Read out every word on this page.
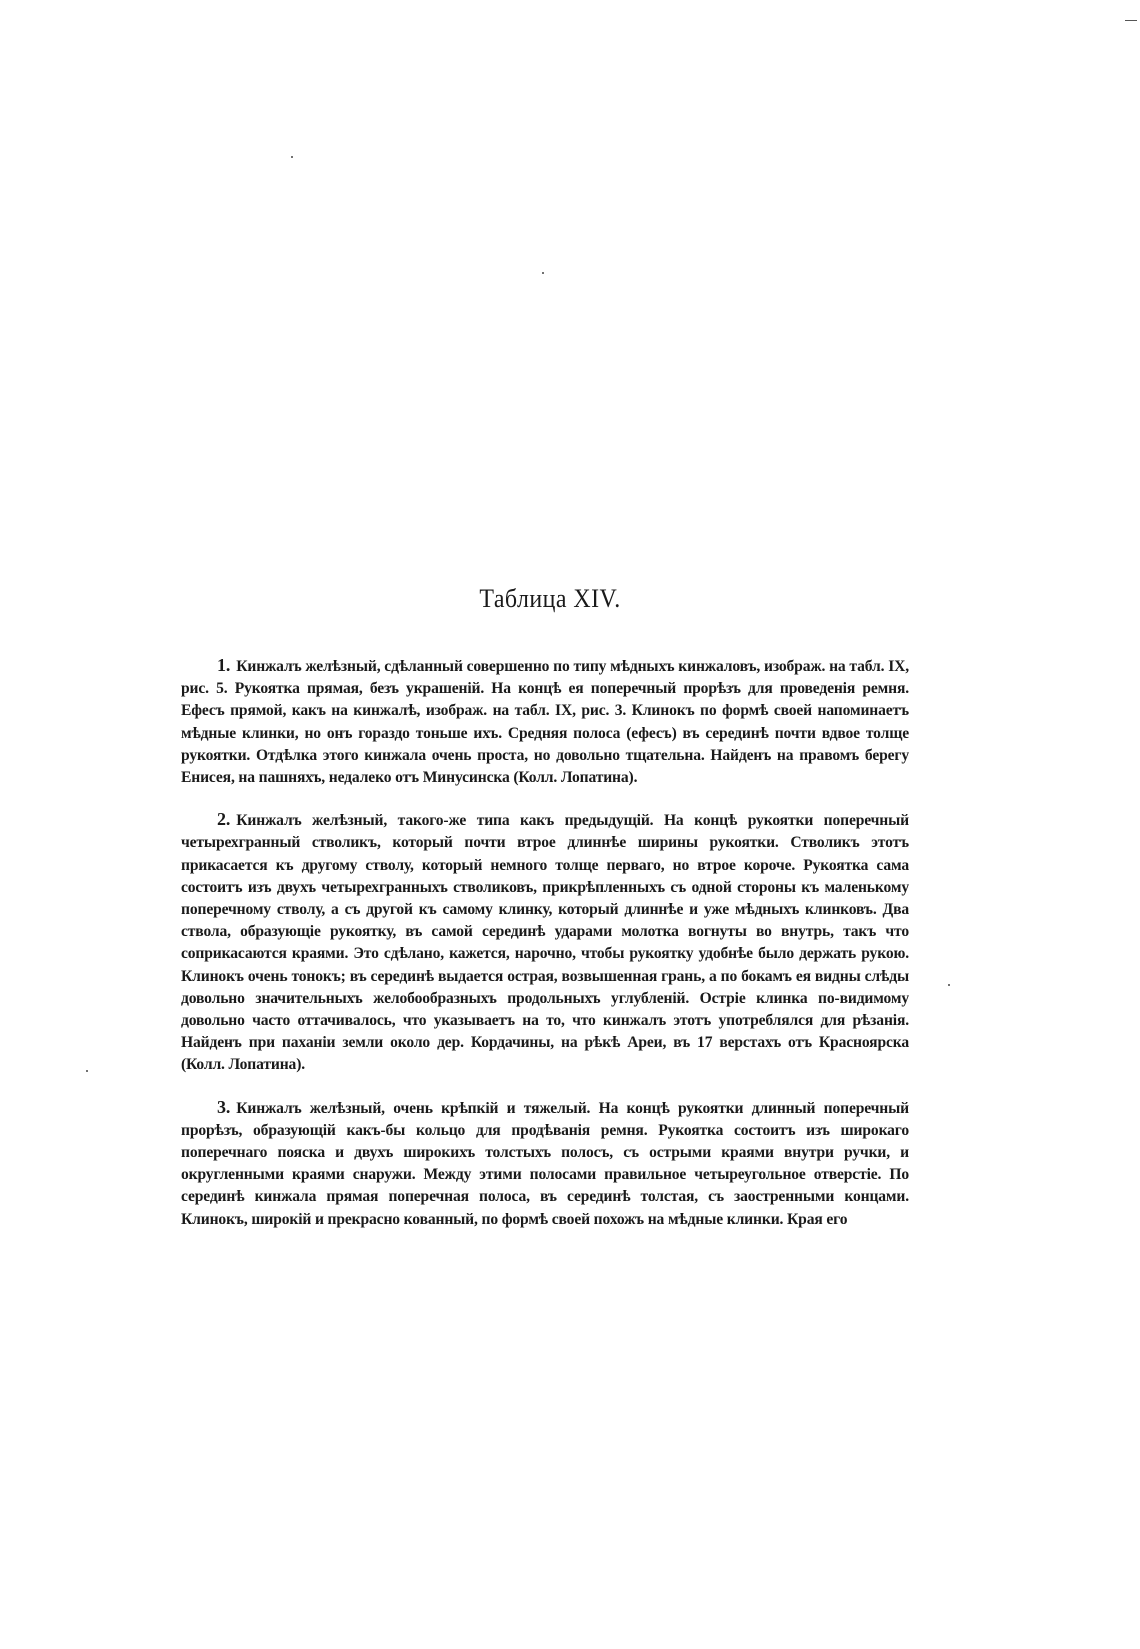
Таблица XIV.

1. Кинжалъ желѣзный, сдѣланный совершенно по типу мѣдныхъ кинжаловъ, изображ. на табл. IX, рис. 5. Рукоятка прямая, безъ украшеній. На концѣ ея поперечный прорѣзъ для проведенія ремня. Ефесъ прямой, какъ на кинжалѣ, изображ. на табл. IX, рис. 3. Клинокъ по формѣ своей напоминаетъ мѣдные клинки, но онъ гораздо тоньше ихъ. Средняя полоса (ефесъ) въ серединѣ почти вдвое толще рукоятки. Отдѣлка этого кинжала очень проста, но довольно тщательна. Найденъ на правомъ берегу Енисея, на пашняхъ, недалеко отъ Минусинска (Колл. Лопатина).

2. Кинжалъ желѣзный, такого-же типа какъ предыдущій. На концѣ рукоятки поперечный четырехгранный стволикъ, который почти втрое длиннѣе ширины рукоятки. Стволикъ этотъ прикасается къ другому стволу, который немного толще перваго, но втрое короче. Рукоятка сама состоитъ изъ двухъ четырехгранныхъ стволиковъ, прикрѣпленныхъ съ одной стороны къ маленькому поперечному стволу, а съ другой къ самому клинку, который длиннѣе и уже мѣдныхъ клинковъ. Два ствола, образующіе рукоятку, въ самой серединѣ ударами молотка вогнуты во внутрь, такъ что соприкасаются краями. Это сдѣлано, кажется, нарочно, чтобы рукоятку удобнѣе было держать рукою. Клинокъ очень тонокъ; въ серединѣ выдается острая, возвышенная грань, а по бокамъ ея видны слѣды довольно значительныхъ желобообразныхъ продольныхъ углубленій. Остріе клинка по-видимому довольно часто оттачивалось, что указываетъ на то, что кинжалъ этотъ употреблялся для рѣзанія. Найденъ при паханіи земли около дер. Кордачины, на рѣкѣ Ареи, въ 17 верстахъ отъ Красноярска (Колл. Лопатина).

3. Кинжалъ желѣзный, очень крѣпкій и тяжелый. На концѣ рукоятки длинный поперечный прорѣзъ, образующій какъ-бы кольцо для продѣванія ремня. Рукоятка состоитъ изъ широкаго поперечнаго пояска и двухъ широкихъ толстыхъ полосъ, съ острыми краями внутри ручки, и округленными краями снаружи. Между этими полосами правильное четыреугольное отверстіе. По серединѣ кинжала прямая поперечная полоса, въ серединѣ толстая, съ заостренными концами. Клинокъ, широкій и прекрасно кованный, по формѣ своей похожъ на мѣдные клинки. Края его
